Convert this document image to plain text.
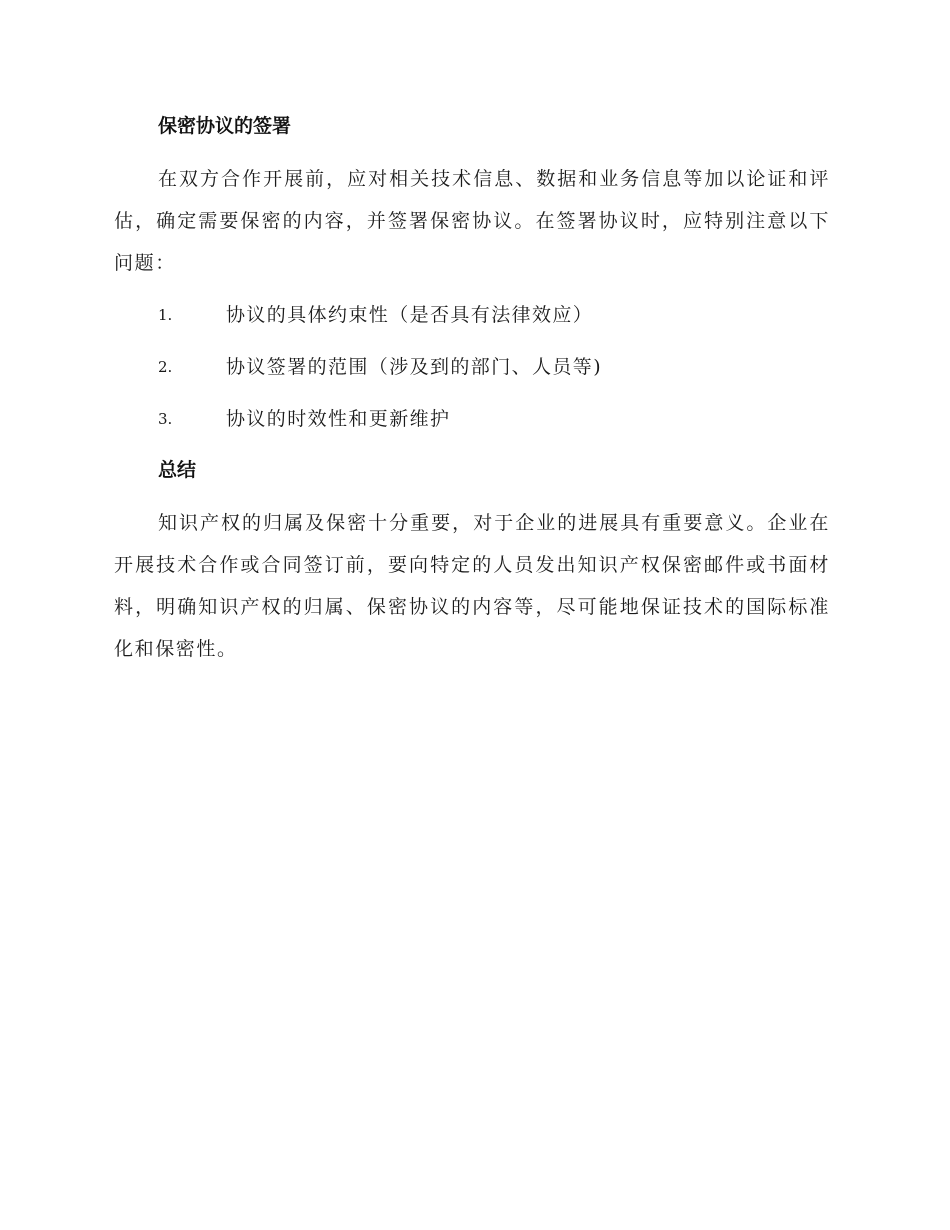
保密协议的签署

在双方合作开展前，应对相关技术信息、数据和业务信息等加以论证和评估，确定需要保密的内容，并签署保密协议。在签署协议时，应特别注意以下问题：

1.	协议的具体约束性（是否具有法律效应）
2.	协议签署的范围（涉及到的部门、人员等)
3.	协议的时效性和更新维护
总结

知识产权的归属及保密十分重要，对于企业的进展具有重要意义。企业在开展技术合作或合同签订前，要向特定的人员发出知识产权保密邮件或书面材料，明确知识产权的归属、保密协议的内容等，尽可能地保证技术的国际标准化和保密性。
